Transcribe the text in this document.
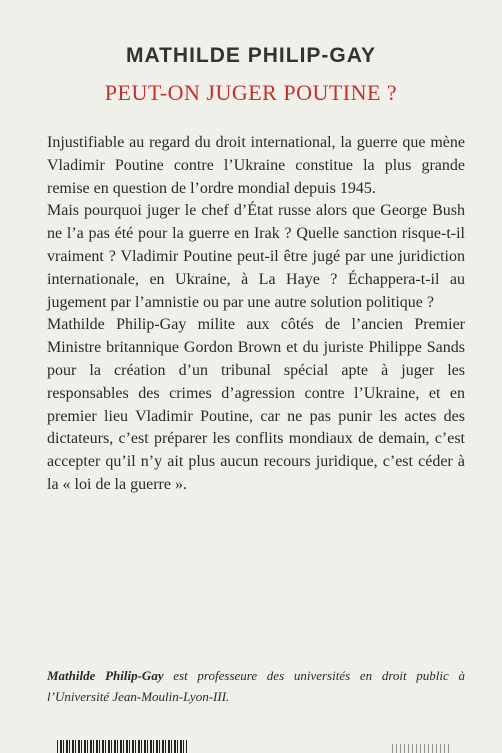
MATHILDE PHILIP-GAY
PEUT-ON JUGER POUTINE ?

Injustifiable au regard du droit international, la guerre que mène Vladimir Poutine contre l’Ukraine constitue la plus grande remise en question de l’ordre mondial depuis 1945.

Mais pourquoi juger le chef d’État russe alors que George Bush ne l’a pas été pour la guerre en Irak ? Quelle sanction risque-t-il vraiment ? Vladimir Poutine peut-il être jugé par une juridiction internationale, en Ukraine, à La Haye ? Échappera-t-il au jugement par l’amnistie ou par une autre solution politique ?

Mathilde Philip-Gay milite aux côtés de l’ancien Premier Ministre britannique Gordon Brown et du juriste Philippe Sands pour la création d’un tribunal spécial apte à juger les responsables des crimes d’agression contre l’Ukraine, et en premier lieu Vladimir Poutine, car ne pas punir les actes des dictateurs, c’est préparer les conflits mondiaux de demain, c’est accepter qu’il n’y ait plus aucun recours juridique, c’est céder à la « loi de la guerre ».

Mathilde Philip-Gay est professeure des universités en droit public à l’Université Jean-Moulin-Lyon-III.
